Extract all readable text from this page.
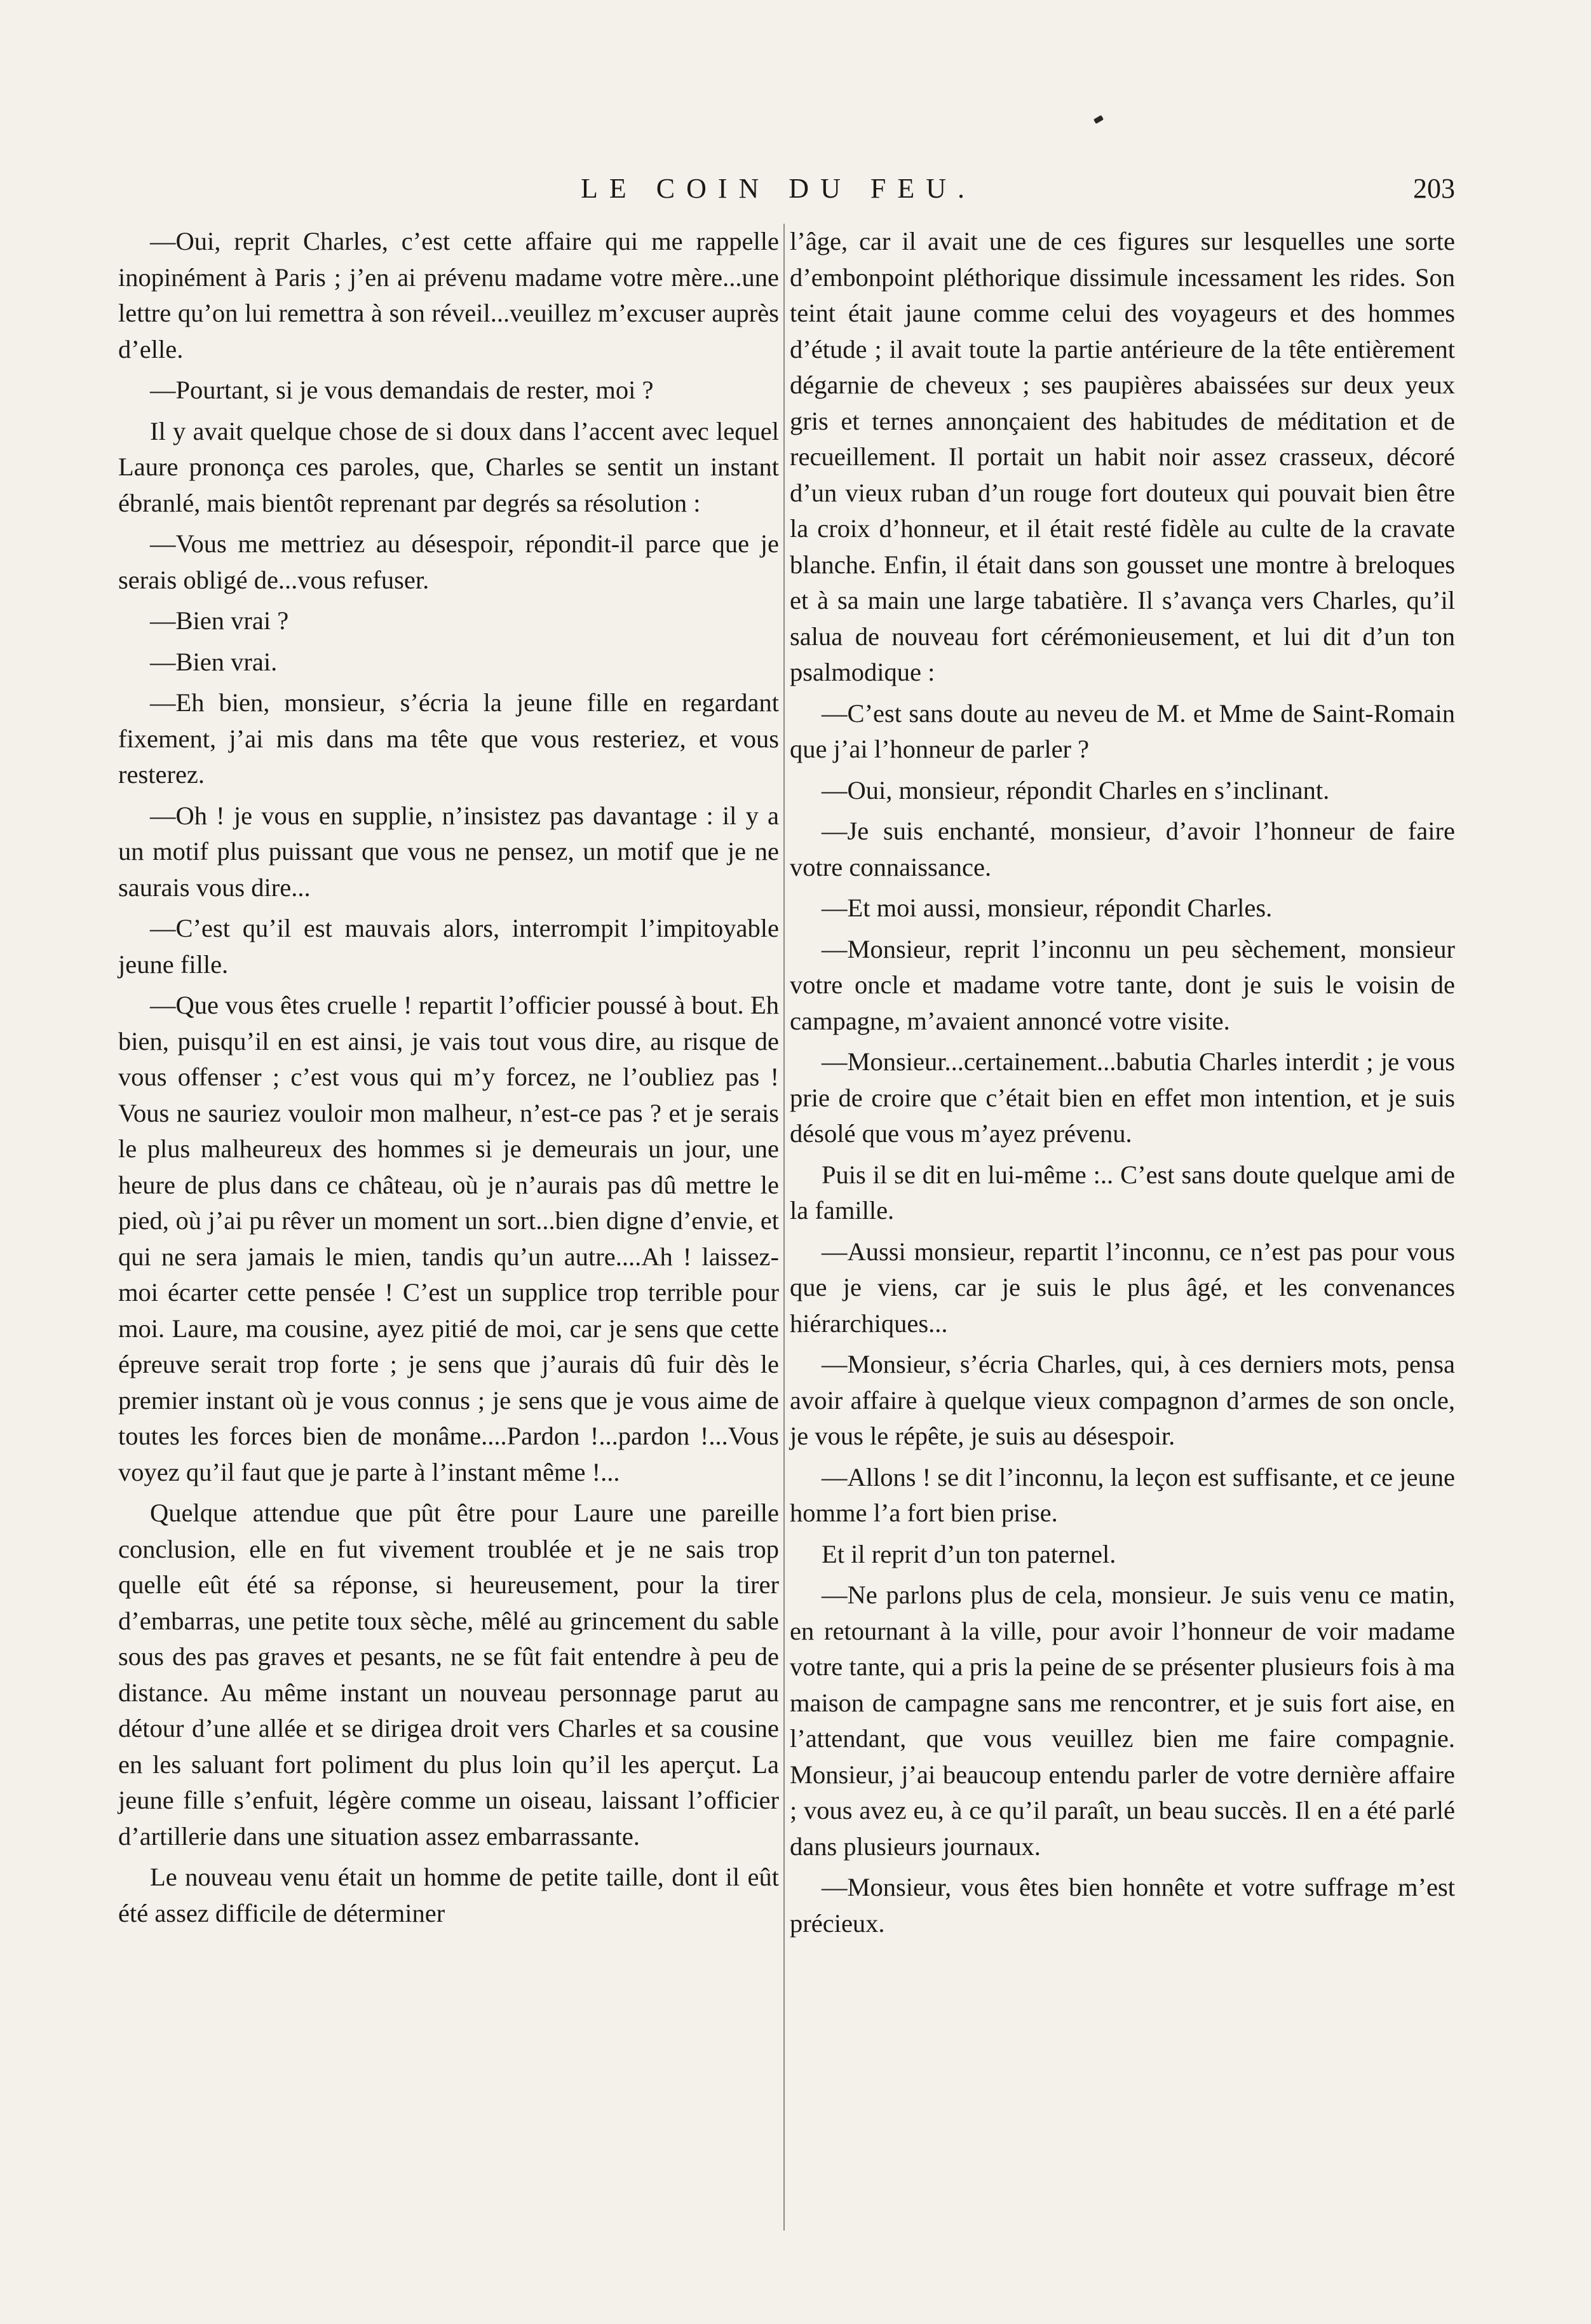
LE COIN DU FEU.	203

—Oui, reprit Charles, c’est cette affaire qui me rappelle inopinément à Paris ; j’en ai prévenu madame votre mère...une lettre qu’on lui remettra à son réveil...veuillez m’excuser auprès d’elle.

—Pourtant, si je vous demandais de rester, moi ?

Il y avait quelque chose de si doux dans l’accent avec lequel Laure prononça ces paroles, que, Charles se sentit un instant ébranlé, mais bientôt reprenant par degrés sa résolution :

—Vous me mettriez au désespoir, répondit-il parce que je serais obligé de...vous refuser.

—Bien vrai ?

—Bien vrai.

—Eh bien, monsieur, s’écria la jeune fille en regardant fixement, j’ai mis dans ma tête que vous resteriez, et vous resterez.

—Oh ! je vous en supplie, n’insistez pas davantage : il y a un motif plus puissant que vous ne pensez, un motif que je ne saurais vous dire...

—C’est qu’il est mauvais alors, interrompit l’impitoyable jeune fille.

—Que vous êtes cruelle ! repartit l’officier poussé à bout. Eh bien, puisqu’il en est ainsi, je vais tout vous dire, au risque de vous offenser ; c’est vous qui m’y forcez, ne l’oubliez pas ! Vous ne sauriez vouloir mon malheur, n’est-ce pas ? et je serais le plus malheureux des hommes si je demeurais un jour, une heure de plus dans ce château, où je n’aurais pas dû mettre le pied, où j’ai pu rêver un moment un sort...bien digne d’envie, et qui ne sera jamais le mien, tandis qu’un autre....Ah ! laissez-moi écarter cette pensée ! C’est un supplice trop terrible pour moi. Laure, ma cousine, ayez pitié de moi, car je sens que cette épreuve serait trop forte ; je sens que j’aurais dû fuir dès le premier instant où je vous connus ; je sens que je vous aime de toutes les forces bien de monâme....Pardon !...pardon !...Vous voyez qu’il faut que je parte à l’instant même !...

Quelque attendue que pût être pour Laure une pareille conclusion, elle en fut vivement troublée et je ne sais trop quelle eût été sa réponse, si heureusement, pour la tirer d’embarras, une petite toux sèche, mêlé au grincement du sable sous des pas graves et pesants, ne se fût fait entendre à peu de distance. Au même instant un nouveau personnage parut au détour d’une allée et se dirigea droit vers Charles et sa cousine en les saluant fort poliment du plus loin qu’il les aperçut. La jeune fille s’enfuit, légère comme un oiseau, laissant l’officier d’artillerie dans une situation assez embarrassante.

Le nouveau venu était un homme de petite taille, dont il eût été assez difficile de déterminer

l’âge, car il avait une de ces figures sur lesquelles une sorte d’embonpoint pléthorique dissimule incessament les rides. Son teint était jaune comme celui des voyageurs et des hommes d’étude ; il avait toute la partie antérieure de la tête entièrement dégarnie de cheveux ; ses paupières abaissées sur deux yeux gris et ternes annonçaient des habitudes de méditation et de recueillement. Il portait un habit noir assez crasseux, décoré d’un vieux ruban d’un rouge fort douteux qui pouvait bien être la croix d’honneur, et il était resté fidèle au culte de la cravate blanche. Enfin, il était dans son gousset une montre à breloques et à sa main une large tabatière. Il s’avança vers Charles, qu’il salua de nouveau fort cérémonieusement, et lui dit d’un ton psalmodique :

—C’est sans doute au neveu de M. et Mme de Saint-Romain que j’ai l’honneur de parler ?

—Oui, monsieur, répondit Charles en s’inclinant.

—Je suis enchanté, monsieur, d’avoir l’honneur de faire votre connaissance.

—Et moi aussi, monsieur, répondit Charles.

—Monsieur, reprit l’inconnu un peu sèchement, monsieur votre oncle et madame votre tante, dont je suis le voisin de campagne, m’avaient annoncé votre visite.

—Monsieur...certainement...babutia Charles interdit ; je vous prie de croire que c’était bien en effet mon intention, et je suis désolé que vous m’ayez prévenu.

Puis il se dit en lui-même :.. C’est sans doute quelque ami de la famille.

—Aussi monsieur, repartit l’inconnu, ce n’est pas pour vous que je viens, car je suis le plus âgé, et les convenances hiérarchiques...

—Monsieur, s’écria Charles, qui, à ces derniers mots, pensa avoir affaire à quelque vieux compagnon d’armes de son oncle, je vous le répête, je suis au désespoir.

—Allons ! se dit l’inconnu, la leçon est suffisante, et ce jeune homme l’a fort bien prise.

Et il reprit d’un ton paternel.

—Ne parlons plus de cela, monsieur. Je suis venu ce matin, en retournant à la ville, pour avoir l’honneur de voir madame votre tante, qui a pris la peine de se présenter plusieurs fois à ma maison de campagne sans me rencontrer, et je suis fort aise, en l’attendant, que vous veuillez bien me faire compagnie. Monsieur, j’ai beaucoup entendu parler de votre dernière affaire ; vous avez eu, à ce qu’il paraît, un beau succès. Il en a été parlé dans plusieurs journaux.

—Monsieur, vous êtes bien honnête et votre suffrage m’est précieux.
